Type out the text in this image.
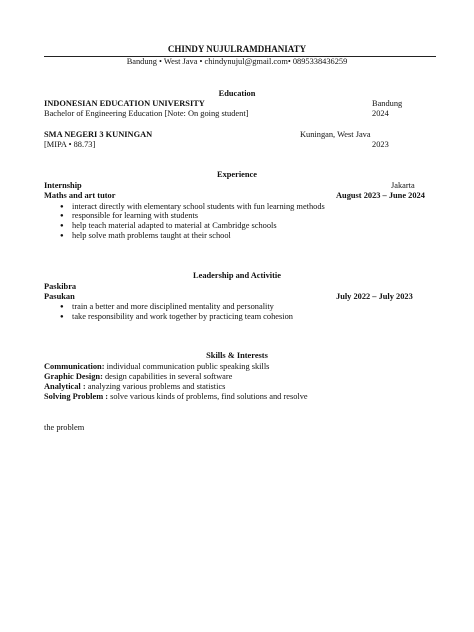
CHINDY NUJULRAMDHANIATY
Bandung • West Java • chindynujul@gmail.com• 0895338436259
Education
INDONESIAN EDUCATION UNIVERSITY	Bandung
Bachelor of Engineering Education [Note: On going student]	2024
SMA NEGERI 3 KUNINGAN	Kuningan, West Java
[MIPA • 88.73]	2023
Experience
Internship	Jakarta
Maths and art tutor	August 2023 – June 2024
● interact directly with elementary school students with fun learning methods
● responsible for learning with students
● help teach material adapted to material at Cambridge schools
● help solve math problems taught at their school
Leadership and Activitie
Paskibra
Pasukan	July 2022 – July 2023
● train a better and more disciplined mentality and personality
● take responsibility and work together by practicing team cohesion
Skills & Interests
Communication: individual communication public speaking skills
Graphic Design: design capabilities in several software
Analytical : analyzing various problems and statistics
Solving Problem : solve various kinds of problems, find solutions and resolve
the problem
